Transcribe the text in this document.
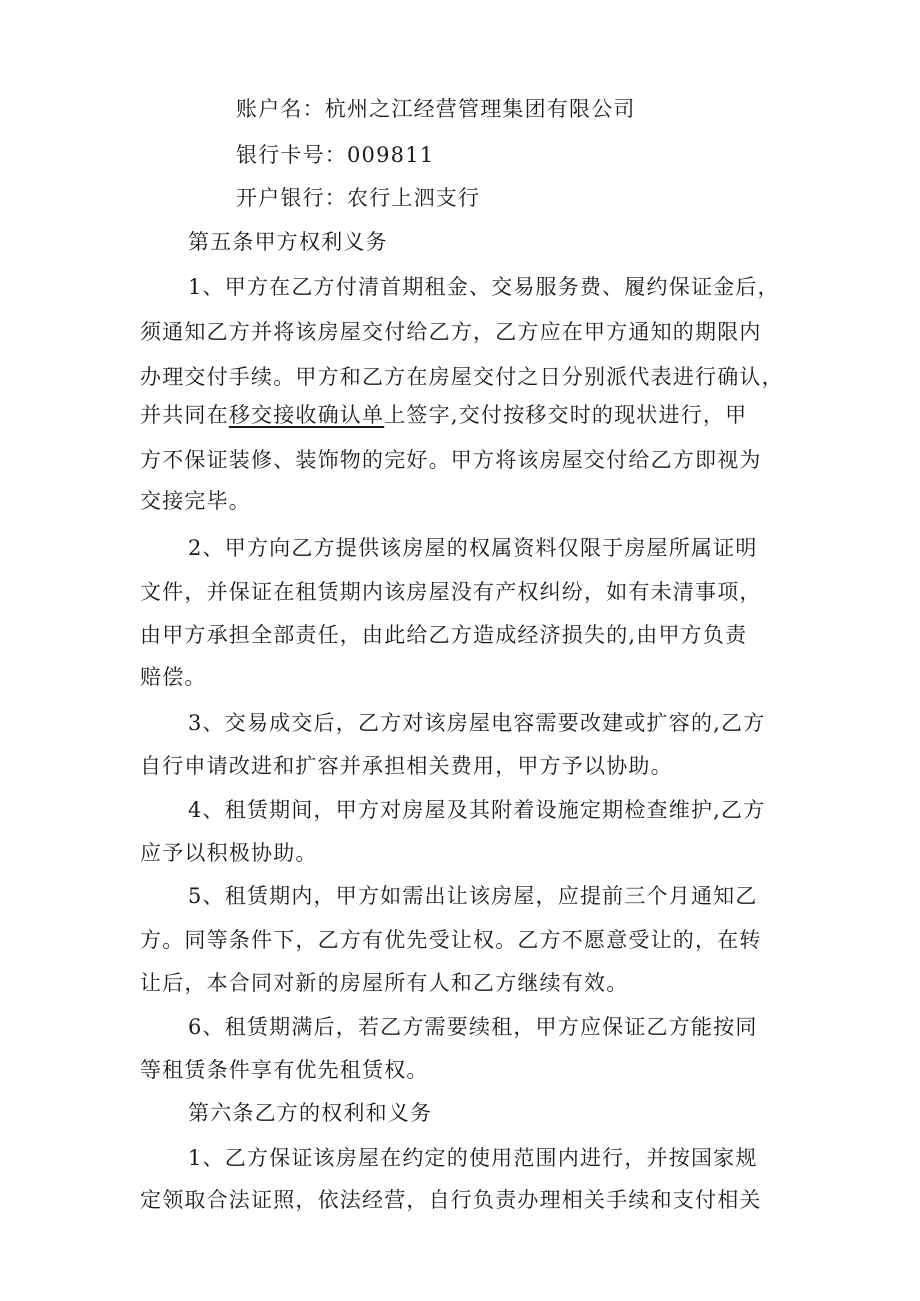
账户名：杭州之江经营管理集团有限公司
银行卡号：009811
开户银行：农行上泗支行
第五条甲方权利义务
1、甲方在乙方付清首期租金、交易服务费、履约保证金后，
须通知乙方并将该房屋交付给乙方，乙方应在甲方通知的期限内
办理交付手续。甲方和乙方在房屋交付之日分别派代表进行确认，
并共同在移交接收确认单上签字,交付按移交时的现状进行，甲
方不保证装修、装饰物的完好。甲方将该房屋交付给乙方即视为
交接完毕。
2、甲方向乙方提供该房屋的权属资料仅限于房屋所属证明
文件，并保证在租赁期内该房屋没有产权纠纷，如有未清事项，
由甲方承担全部责任，由此给乙方造成经济损失的,由甲方负责
赔偿。
3、交易成交后，乙方对该房屋电容需要改建或扩容的,乙方
自行申请改进和扩容并承担相关费用，甲方予以协助。
4、租赁期间，甲方对房屋及其附着设施定期检查维护,乙方
应予以积极协助。
5、租赁期内，甲方如需出让该房屋，应提前三个月通知乙
方。同等条件下，乙方有优先受让权。乙方不愿意受让的，在转
让后，本合同对新的房屋所有人和乙方继续有效。
6、租赁期满后，若乙方需要续租，甲方应保证乙方能按同
等租赁条件享有优先租赁权。
第六条乙方的权利和义务
1、乙方保证该房屋在约定的使用范围内进行，并按国家规
定领取合法证照，依法经营，自行负责办理相关手续和支付相关
